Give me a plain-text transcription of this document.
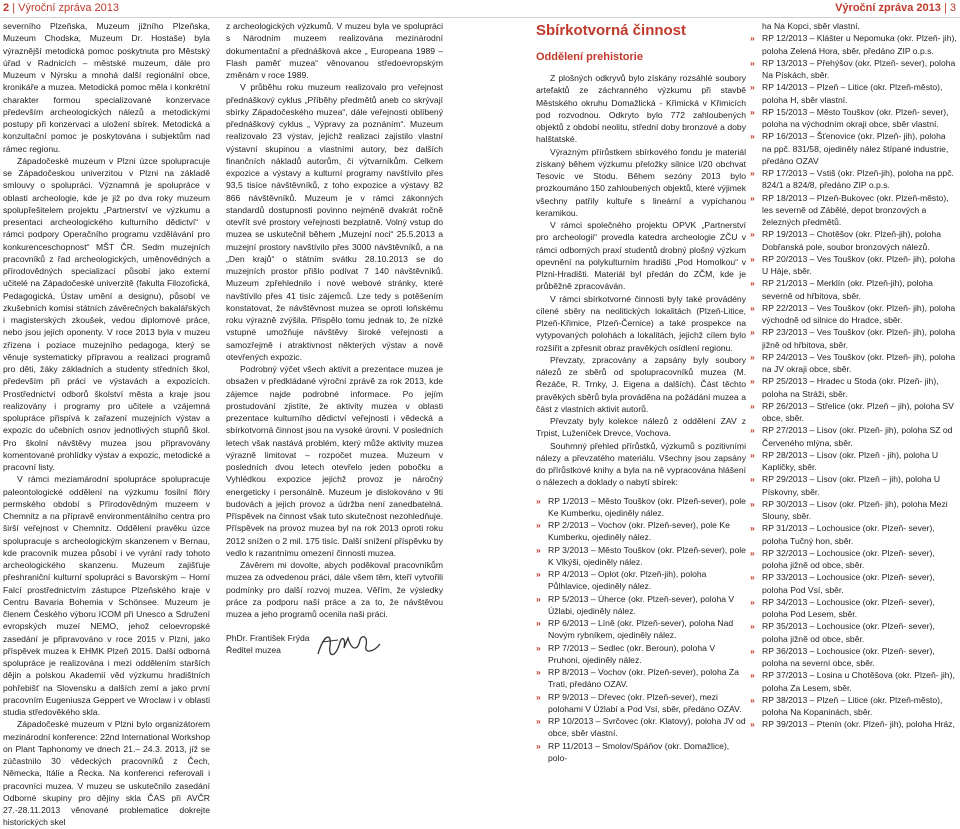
2 | Výroční zpráva 2013	Výroční zpráva 2013 | 3

severního Plzeňska, Muzeum jižního Plzeňska, Muzeum Chodska, Muzeum Dr. Hostaše) byla výraznější metodická pomoc poskytnuta pro Městský úřad v Radnicích – městské muzeum, dále pro Muzeum v Nýrsku a mnohá další regionální obce, kronikáře a muzea. Metodická pomoc měla i konkrétní charakter formou specializované konzervace především archeologických nálezů a metodickými postupy při konzervaci a uložení sbírek. Metodická a konzultační pomoc je poskytována i subjektům nad rámec regionu.

Západočeské muzeum v Plzni úzce spolupracuje se Západočeskou univerzitou v Plzni na základě smlouvy o spolupráci. Významná je spolupráce v oblasti archeologie, kde je již po dva roky muzeum spolupřešitelem projektu „Partnerství ve výzkumu a presentaci archeologického kulturního dědictví“ v rámci podpory Operačního programu vzdělávání pro konkurenceschopnost“ MŠT ČR. Sedm muzejních pracovníků z řad archeologických, uměnovědných a přírodovědných specializací působí jako externí učitelé na Západočeské univerzitě (fakulta Filozofická, Pedagogická, Ústav umění a designu), působí ve zkušebních komisi státních závěrečných bakalářských i magisterských zkoušek, vedou diplomové práce, nebo jsou jejich oponenty. V roce 2013 byla v muzeu zřízena i poziace muzejního pedagoga, který se věnuje systematicky přípravou a realizaci programů pro děti, žáky základních a studenty středních škol, především při práci ve výstavách a expozicích. Prostřednictví odborů školství města a kraje jsou realizovány i programy pro učitele a vzájemná spolupráce přispívá k zařazení muzejních výstav a expozic do učebních osnov jednotlivých stupňů škol. Pro školní návštěvy muzea jsou připravovány komentované prohlídky výstav a expozic, metodické a pracovní listy.

V rámci meziamárodní spolupráce spolupracuje paleontologické oddělení na výzkumu fosilní flóry permského období s Přírodovědným muzeem v Chemnitz a na přípravě environmentálního centra pro širší veřejnost v Chemnitz. Oddělení pravěku úzce spolupracuje s archeologickým skanzenem v Bernau, kde pracovník muzea působí i ve vyrání rady tohoto archeologického skanzenu. Muzeum zajišťuje přeshraniční kulturní spolupráci s Bavorským – Horní Falcí prostřednictvím zástupce Plzeňského kraje v Centru Bavaria Bohemia v Schönsee. Muzeum je členem Českého výboru ICOM při Unesco a Sdružení evropských muzeí NEMO, jehož celoevropské zasedání je připravováno v roce 2015 v Plzni, jako příspěvek muzea k EHMK Plzeň 2015. Další odborná spolupráce je realizována i mezi oddělením starších dějin a polskou Akademií věd výzkumu hradištních pohřebišť na Slovensku a dalších zemí a jako první pracovním Eugeniusza Geppert ve Wroclaw i v oblasti studia středověkého skla.

Západočeské muzeum v Plzni bylo organizátorem mezinárodní konference: 22nd International Workshop on Plant Taphonomy ve dnech 21.– 24.3. 2013, jíž se zúčastnilo 30 vědeckých pracovníků z Čech, Německa, Itálie a Řecka. Na konferenci referovali i pracovníci muzea. V muzeu se uskutečnilo zasedání Odborné skupiny pro dějiny skla ČAS při AVČR 27.-28.11.2013 věnované problematice dokrejte historických skel

z archeologických výzkumů. V muzeu byla ve spolupráci s Národním muzeem realizována mezinárodní dokumentační a přednášková akce „ Europeana 1989 – Flash paměť muzea“ věnovanou středoevropským změnám v roce 1989.

V průběhu roku muzeum realizovalo pro veřejnost přednáškový cyklus „Příběhy předmětů aneb co skrývají sbírky Západočeského muzea“, dále veřejnosti oblíbený přednáškový cyklus „ Výpravy za poznáním“. Muzeum realizovalo 23 výstav, jejichž realizaci zajistilo vlastní výstavní skupinou a vlastními autory, bez dalších finančních nákladů autorům, či výtvarníkům. Celkem expozice a výstavy a kulturní programy navštívilo přes 93,5 tisíce návštěvníků, z toho expozice a výstavy 82 866 návštěvníků. Muzeum je v rámci zákonných standardů dostupnosti povinno nejméně dvakrát ročně otevřít své prostory veřejnosti bezplatně. Volný vstup do muzea se uskutečnil během „Muzejní noci“ 25.5.2013 a muzejní prostory navštívilo přes 3000 návštěvníků, a na „Den krajů“ o státním svátku 28.10.2013 se do muzejních prostor přišlo podívat 7 140 návštěvníků. Muzeum zpřehlednilo i nové webové stránky, které navštívilo přes 41 tisíc zájemců. Lze tedy s potěšením konstatovat, že návštěvnost muzea se oproti loňskému roku výrazně zvýšila. Přispělo tomu jednak to, že nízké vstupné umožňuje návštěvy široké veřejnosti a samozřejmě i atraktivnost některých výstav a nově otevřených expozic.

Podrobný výčet všech aktivit a prezentace muzea je obsažen v předkládané výroční zprávě za rok 2013, kde zájemce najde podrobné informace. Po jejím prostudování zjistíte, že aktivity muzea v oblasti prezentace kulturního dědictví veřejnosti i vědecká a sbírkotvorná činnost jsou na vysoké úrovni. V posledních letech však nastává problém, který může aktivity muzea výrazně limitovat – rozpočet muzea. Muzeum v posledních dvou letech otevřelo jeden pobočku a Vyhlédkou expozice jejichž provoz je náročný energeticky i personálně. Muzeum je dislokováno v 9ti budovách a jejich provoz a údržba není zanedbatelná. Příspěvek na činnost však tuto skutečnost nezohledňuje. Příspěvek na provoz muzea byl na rok 2013 oproti roku 2012 snížen o 2 mil. 175 tisíc. Další snížení příspěvku by vedlo k razantnímu omezení činnosti muzea.

Závěrem mi dovolte, abych poděkoval pracovníkům muzea za odvedenou práci, dále všem těm, kteří vytvořili podmínky pro další rozvoj muzea. Věřím, že výsledky práce za podporu naší práce a za to, že návštěvou muzea a jeho programů ocenila naši práci.

PhDr. František Frýda
Ředitel muzea
Sbírkotvorná činnost
Oddělení prehistorie

Z plošných odkryvů bylo získány rozsáhlé soubory artefaktů ze záchranného výzkumu při stavbě Městského okruhu Domažlická - Křimická v Křimicích pod rozvodnou. Odkryto bylo 772 zahloubených objektů z období neolitu, střední doby bronzové a doby halštatské.

Výrazným přírůstkem sbírkového fondu je materiál získaný během výzkumu přeložky silnice I/20 obchvat Tesovic ve Stodu. Během sezóny 2013 bylo prozkoumáno 150 zahloubených objektů, které výjimek všechny patřily kultuře s lineární a vypíchanou keramikou.

V rámci společného projektu OPVK „Partnerství pro archeologii“ provedla katedra archeologie ZČU v rámci odborných praxí studentů drobný plošný výzkum opevnění na polykulturním hradišti „Pod Homolkou“ v Plzni-Hradišti. Materiál byl předán do ZČM, kde je průběžně zpracováván.

V rámci sbírkotvorné činnosti byly také provádény cílené sběry na neolitických lokalitách (Plzeň-Litice, Plzeň-Křimice, Plzeň-Černice) a také prospekce na vytypovaných polohách a lokalitách, jejichž cílem bylo rozšířit a zpřesnit obraz pravěkých osídlení regionu.

Převzaty, zpracovány a zapsány byly soubory nálezů ze sběrů od spolupracovníků muzea (M. Řezáče, R. Trnky, J. Eigena a dalších). Část těchto pravěkých sběrů byla prováděna na požádání muzea a část z vlastních aktivit autorů.

Převzaty byly kolekce nálezů z oddělení ZAV z Trpist, Luženíček Drevce, Vochova.

Souhrnný přehled přírůstků, výzkumů s pozitivními nálezy a převzatého materiálu. Všechny jsou zapsány do přírůstkové knihy a byla na ně vypracována hlášení o nálezech a doklady o nabytí sbírek:

» RP 1/2013 – Město Touškov (okr. Plzeň-sever), pole Ke Kumberku, ojediněly nález.
» RP 2/2013 – Vochov (okr. Plzeň-sever), pole Ke Kumberku, ojediněly nález.
» RP 3/2013 – Město Touškov (okr. Plzeň-sever), pole K Vlkýši, ojediněly nález.
» RP 4/2013 – Oplot (okr. Plzeň-jih), poloha Půlhlavice, ojediněly nález.
» RP 5/2013 – Úherce (okr. Plzeň-sever), poloha V Úžlabi, ojediněly nález.
» RP 6/2013 – Líně (okr. Plzeň-sever), poloha Nad Novým rybníkem, ojediněly nález.
» RP 7/2013 – Sedlec (okr. Beroun), poloha V Pruhoni, ojediněly nález.
» RP 8/2013 – Vochov (okr. Plzeň-sever), poloha Za Trati, předáno OZAV.
» RP 9/2013 – Dřevec (okr. Plzeň-sever), mezi polohami V Úžlabí a Pod Vsí, sběr, předáno OZAV.
» RP 10/2013 – Svrčovec (okr. Klatovy), poloha JV od obce, sběr vlastní.
» RP 11/2013 – Smolov/Spáňov (okr. Domažlice), polo-

ha Na Kopci, sběr vlastní.

» RP 12/2013 – Klášter u Nepomuka (okr. Plzeň- jih), poloha Zelená Hora, sběr, předáno ZIP o.p.s.
» RP 13/2013 – Přehýšov (okr. Plzeň- sever), poloha Na Pískách, sběr.
» RP 14/2013 – Plzeň – Litice (okr. Plzeň-město), poloha H, sběr vlastní.
» RP 15/2013 – Město Touškov (okr. Plzeň- sever), poloha na východním okraji obce, sběr vlastní.
» RP 16/2013 – Šťenovice (okr. Plzeň- jih), poloha na ppč. 831/58, ojediněly nález štípané industrie, předáno OZAV
» RP 17/2013 – Vstiš (okr. Plzeň-jih), poloha na ppč. 824/1 a 824/8, předáno ZIP o.p.s.
» RP 18/2013 – Plzeň-Bukovec (okr. Plzeň-město), les severně od Zábělé, depot bronzových a železných předmětů.
» RP 19/2013 – Chotěšov (okr. Plzeň-jih), poloha Dobřanská pole, soubor bronzových nálezů.
» RP 20/2013 – Ves Touškov (okr. Plzeň- jih), poloha U Háje, sběr.
» RP 21/2013 – Merklín (okr. Plzeň-jih), poloha severně od hřbitova, sběr.
» RP 22/2013 – Ves Touškov (okr. Plzeň- jih), poloha východně od silnice do Hradce, sběr.
» RP 23/2013 – Ves Touškov (okr. Plzeň- jih), poloha jižně od hřbitova, sběr.
» RP 24/2013 – Ves Touškov (okr. Plzeň- jih), poloha na JV okraji obce, sběr.
» RP 25/2013 – Hradec u Stoda (okr. Plzeň- jih), poloha na Stráži, sběr.
» RP 26/2013 – Střelice (okr. Plzeň – jih), poloha SV obce, sběr.
» RP 27/2013 – Lisov (okr. Plzeň- jih), poloha SZ od Červeného mlýna, sběr.
» RP 28/2013 – Lisov (okr. Plzeň - jih), poloha U Kapličky, sběr.
» RP 29/2013 – Lisov (okr. Plzeň – jih), poloha U Pískovny, sběr.
» RP 30/2013 – Lisov (okr. Plzeň- jih), poloha Mezi Slouny, sběr.
» RP 31/2013 – Lochousice (okr. Plzeň- sever), poloha Tučný hon, sběr.
» RP 32/2013 – Lochousice (okr. Plzeň- sever), poloha jižně od obce, sběr.
» RP 33/2013 – Lochousice (okr. Plzeň- sever), poloha Pod Vsí, sběr.
» RP 34/2013 – Lochousice (okr. Plzeň- sever), poloha Pod Lesem, sběr.
» RP 35/2013 – Lochousice (okr. Plzeň- sever), poloha jižně od obce, sběr.
» RP 36/2013 – Lochousice (okr. Plzeň- sever), poloha na severní obce, sběr.
» RP 37/2013 – Losina u Chotěšova (okr. Plzeň- jih), poloha Za Lesem, sběr.
» RP 38/2013 – Plzeň – Litice (okr. Plzeň-město), poloha Na Kopaninách, sběr.
» RP 39/2013 – Ptenín (okr. Plzeň- jih), poloha Hráz,
